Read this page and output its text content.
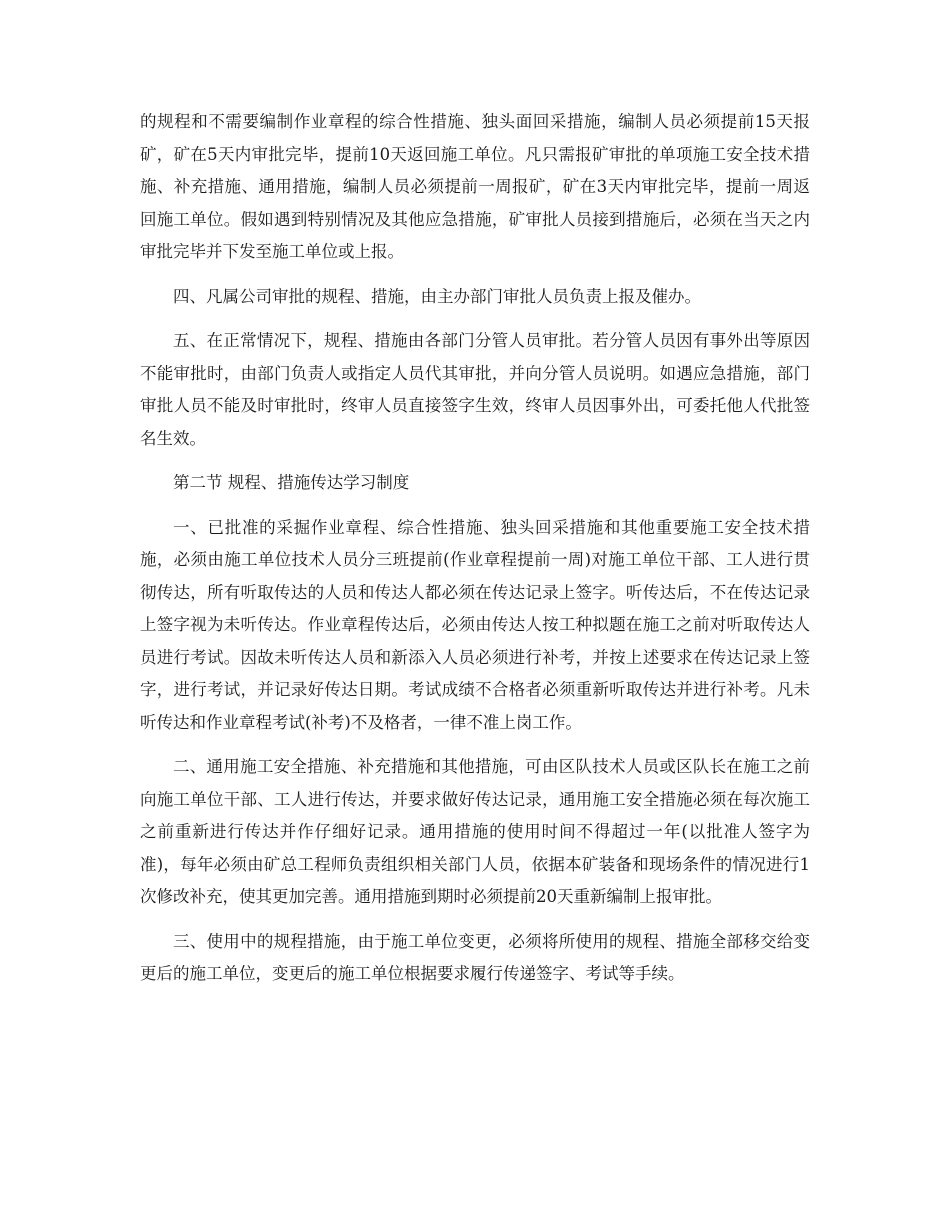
的规程和不需要编制作业章程的综合性措施、独头面回采措施，编制人员必须提前15天报矿，矿在5天内审批完毕，提前10天返回施工单位。凡只需报矿审批的单项施工安全技术措施、补充措施、通用措施，编制人员必须提前一周报矿，矿在3天内审批完毕，提前一周返回施工单位。假如遇到特别情况及其他应急措施，矿审批人员接到措施后，必须在当天之内审批完毕并下发至施工单位或上报。

四、凡属公司审批的规程、措施，由主办部门审批人员负责上报及催办。

五、在正常情况下，规程、措施由各部门分管人员审批。若分管人员因有事外出等原因不能审批时，由部门负责人或指定人员代其审批，并向分管人员说明。如遇应急措施，部门审批人员不能及时审批时，终审人员直接签字生效，终审人员因事外出，可委托他人代批签名生效。

第二节 规程、措施传达学习制度

一、已批准的采掘作业章程、综合性措施、独头回采措施和其他重要施工安全技术措施，必须由施工单位技术人员分三班提前(作业章程提前一周)对施工单位干部、工人进行贯彻传达，所有听取传达的人员和传达人都必须在传达记录上签字。听传达后，不在传达记录上签字视为未听传达。作业章程传达后，必须由传达人按工种拟题在施工之前对听取传达人员进行考试。因故未听传达人员和新添入人员必须进行补考，并按上述要求在传达记录上签字，进行考试，并记录好传达日期。考试成绩不合格者必须重新听取传达并进行补考。凡未听传达和作业章程考试(补考)不及格者，一律不准上岗工作。

二、通用施工安全措施、补充措施和其他措施，可由区队技术人员或区队长在施工之前向施工单位干部、工人进行传达，并要求做好传达记录，通用施工安全措施必须在每次施工之前重新进行传达并作仔细好记录。通用措施的使用时间不得超过一年(以批准人签字为准)，每年必须由矿总工程师负责组织相关部门人员，依据本矿装备和现场条件的情况进行1次修改补充，使其更加完善。通用措施到期时必须提前20天重新编制上报审批。

三、使用中的规程措施，由于施工单位变更，必须将所使用的规程、措施全部移交给变更后的施工单位，变更后的施工单位根据要求履行传递签字、考试等手续。
